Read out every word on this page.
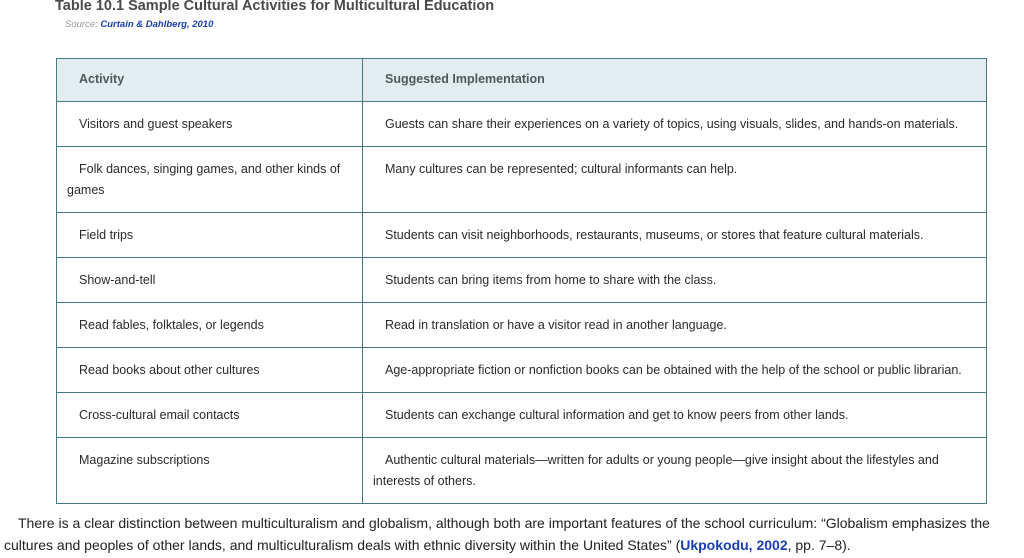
Table 10.1 Sample Cultural Activities for Multicultural Education
Source: Curtain & Dahlberg, 2010
Activity	Suggested Implementation
Visitors and guest speakers	Guests can share their experiences on a variety of topics, using visuals, slides, and hands-on materials.
Folk dances, singing games, and other kinds of games	Many cultures can be represented; cultural informants can help.
Field trips	Students can visit neighborhoods, restaurants, museums, or stores that feature cultural materials.
Show-and-tell	Students can bring items from home to share with the class.
Read fables, folktales, or legends	Read in translation or have a visitor read in another language.
Read books about other cultures	Age-appropriate fiction or nonfiction books can be obtained with the help of the school or public librarian.
Cross-cultural email contacts	Students can exchange cultural information and get to know peers from other lands.
Magazine subscriptions	Authentic cultural materials—written for adults or young people—give insight about the lifestyles and interests of others.
There is a clear distinction between multiculturalism and globalism, although both are important features of the school curriculum: “Globalism emphasizes the cultures and peoples of other lands, and multiculturalism deals with ethnic diversity within the United States” (Ukpokodu, 2002, pp. 7–8).
